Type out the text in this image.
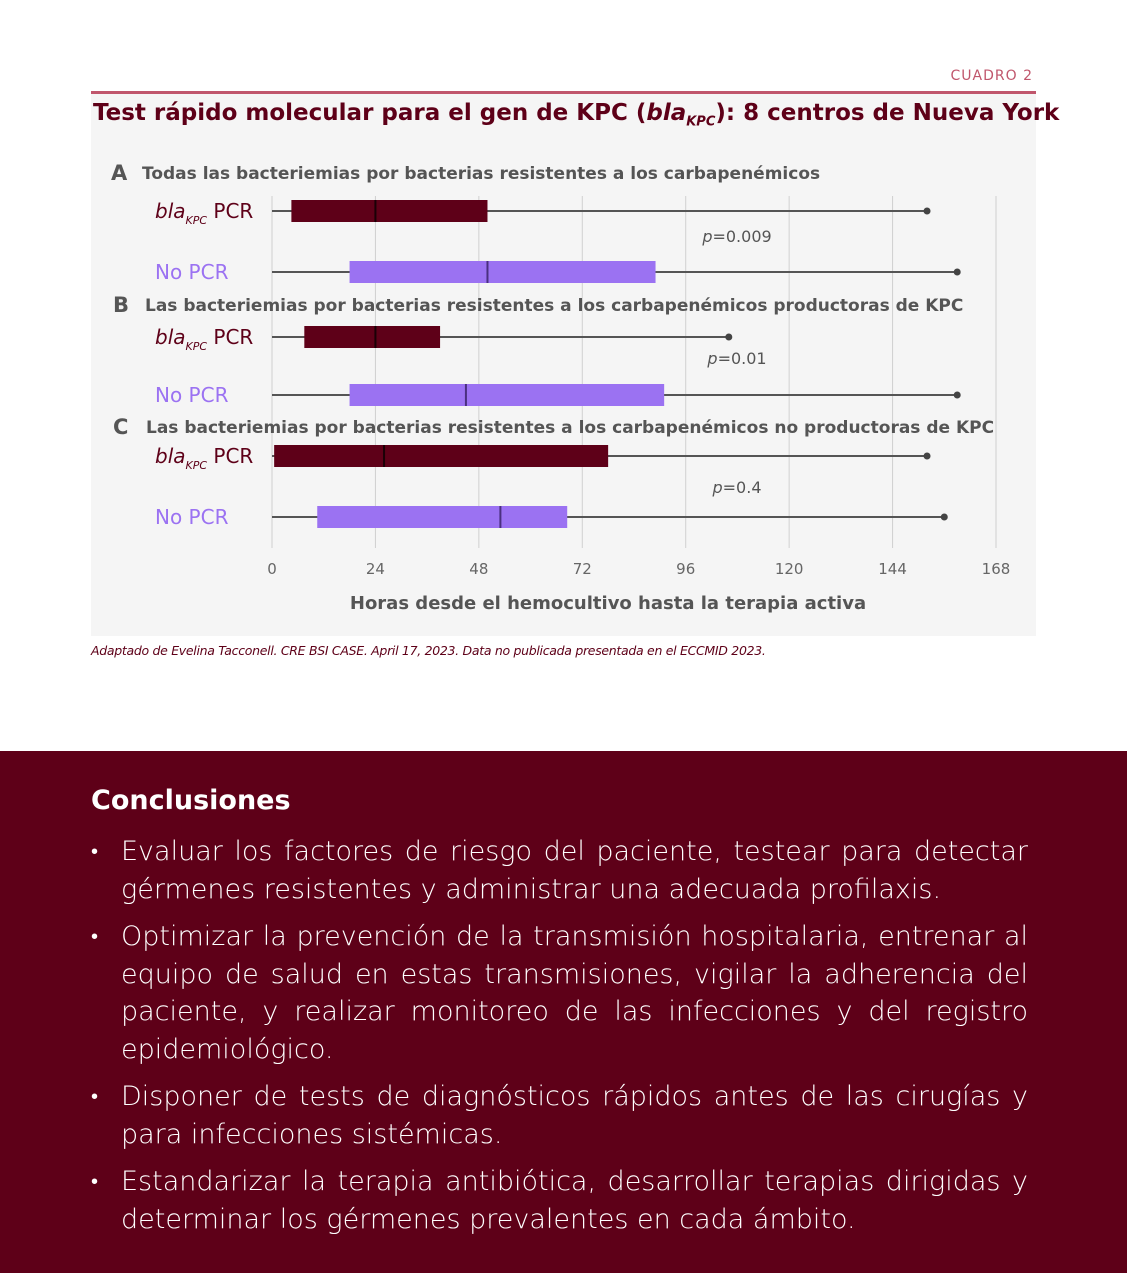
CUADRO 2
Test rápido molecular para el gen de KPC (bla$_{KPC}$): 8 centros de Nueva York
0	24	48	72	96	120	144	168
Horas desde el hemocultivo hasta la terapia activa
A Todas las bacteriemias por bacterias resistentes a los carbapenémicos
p=0.009
bla$_{KPC}$ PCR
No PCR
B Las bacteriemias por bacterias resistentes a los carbapenémicos productoras de KPC
p=0.01
bla$_{KPC}$ PCR
No PCR
C Las bacteriemias por bacterias resistentes a los carbapenémicos no productoras de KPC
p=0.4
bla$_{KPC}$ PCR
No PCR
Adaptado de Evelina Tacconell. CRE BSI CASE. April 17, 2023. Data no publicada presentada en el ECCMID 2023.
Conclusiones
• Evaluar los factores de riesgo del paciente, testear para detectar gérmenes resistentes y administrar una adecuada profilaxis.
• Optimizar la prevención de la transmisión hospitalaria, entrenar al equipo de salud en estas transmisiones, vigilar la adherencia del paciente, y realizar monitoreo de las infecciones y del registro epidemiológico.
• Disponer de tests de diagnósticos rápidos antes de las cirugías y para infecciones sistémicas.
• Estandarizar la terapia antibiótica, desarrollar terapias dirigidas y determinar los gérmenes prevalentes en cada ámbito.
